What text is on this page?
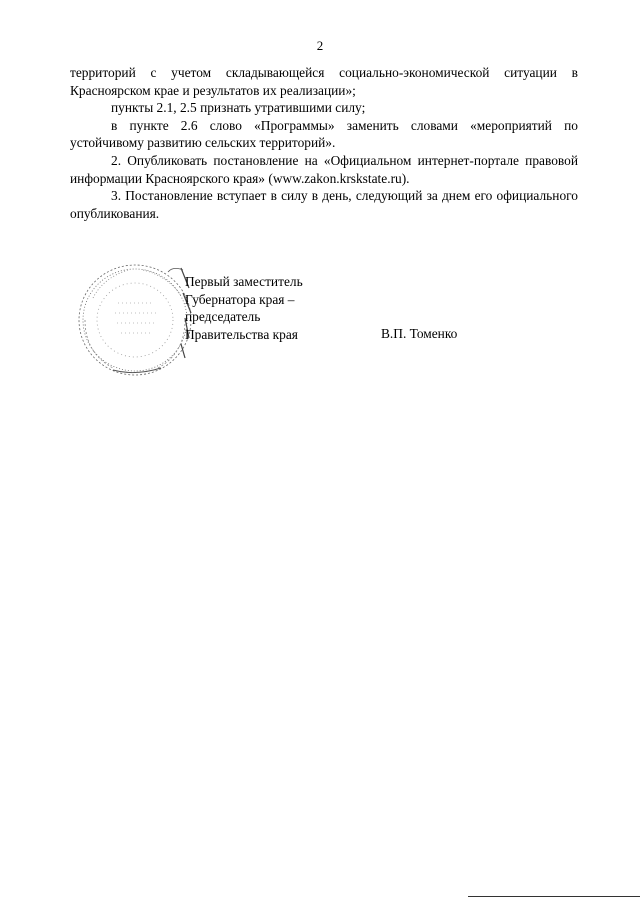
2

территорий с учетом складывающейся социально-экономической ситуации в Красноярском крае и результатов их реализации»;

пункты 2.1, 2.5 признать утратившими силу;

в пункте 2.6 слово «Программы» заменить словами «мероприятий по устойчивому развитию сельских территорий».

2. Опубликовать постановление на «Официальном интернет-портале правовой информации Красноярского края» (www.zakon.krskstate.ru).

3. Постановление вступает в силу в день, следующий за днем его официального опубликования.

Первый заместитель
Губернатора края –
председатель
Правительства края	В.П. Томенко
